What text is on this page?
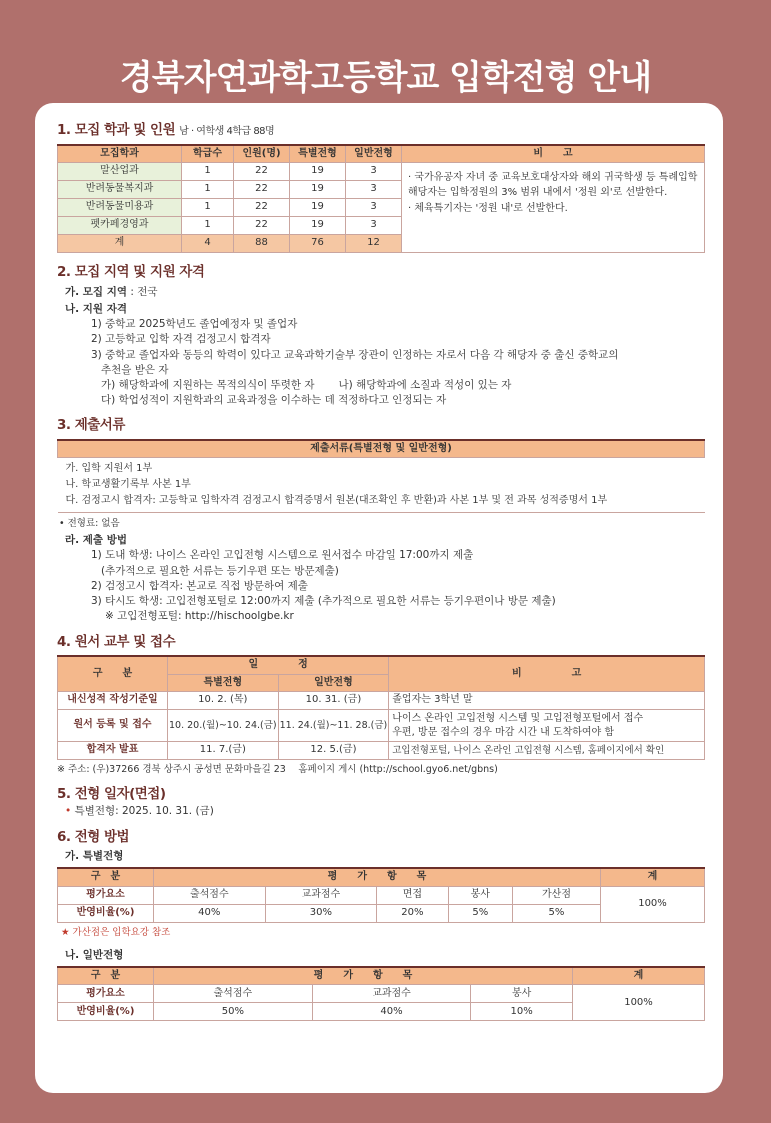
경북자연과학고등학교 입학전형 안내
1. 모집 학과 및 인원 남 · 여학생 4학급 88명
모집학과	학급수	인원(명)	특별전형	일반전형	비　　고
말산업과	1	22	19	3	· 국가유공자 자녀 중 교육보호대상자와 해외 귀국학생 등 특례입학 해당자는 입학정원의 3% 범위 내에서 '정원 외'로 선발한다.
· 체육특기자는 '정원 내'로 선발한다.

반려동물복지과	1	22	19	3	
반려동물미용과	1	22	19	3	
펫카페경영과	1	22	19	3	
계	4	88	76	12	
2. 모집 지역 및 지원 자격
가. 모집 지역 : 전국
나. 지원 자격
1) 중학교 2025학년도 졸업예정자 및 졸업자
2) 고등학교 입학 자격 검정고시 합격자
3) 중학교 졸업자와 동등의 학력이 있다고 교육과학기술부 장관이 인정하는 자로서 다음 각 해당자 중 출신 중학교의
추천을 받은 자
가) 해당학과에 지원하는 목적의식이 뚜렷한 자 나) 해당학과에 소질과 적성이 있는 자
다) 학업성적이 지원학과의 교육과정을 이수하는 데 적정하다고 인정되는 자
3. 제출서류
제출서류(특별전형 및 일반전형)

가. 입학 지원서 1부
나. 학교생활기록부 사본 1부
다. 검정고시 합격자: 고등학교 입학자격 검정고시 합격증명서 원본(대조확인 후 반환)과 사본 1부 및 전 과목 성적증명서 1부
• 전형료: 없음
라. 제출 방법
1) 도내 학생: 나이스 온라인 고입전형 시스템으로 원서접수 마감일 17:00까지 제출
(추가적으로 필요한 서류는 등기우편 또는 방문제출)
2) 검정고시 합격자: 본교로 직접 방문하여 제출
3) 타시도 학생: 고입전형포털로 12:00까지 제출 (추가적으로 필요한 서류는 등기우편이나 방문 제출)
※ 고입전형포털: http://hischoolgbe.kr
4. 원서 교부 및 접수
구　　분	일　　　　정		비　　　　　고
	특별전형	일반전형	
내신성적 작성기준일	10. 2. (목)	10. 31. (금)	졸업자는 3학년 말
원서 등록 및 접수	10. 20.(월)~10. 24.(금)	11. 24.(월)~11. 28.(금)	나이스 온라인 고입전형 시스템 및 고입전형포털에서 접수
우편, 방문 접수의 경우 마감 시간 내 도착하여야 함

합격자 발표	11. 7.(금)	12. 5.(금)	고입전형포털, 나이스 온라인 고입전형 시스템, 홈페이지에서 확인
※ 주소: (우)37266 경북 상주시 공성면 문화마을길 23　 홈페이지 게시 (http://school.gyo6.net/gbns)
5. 전형 일자(면접)
• 특별전형: 2025. 10. 31. (금)
6. 전형 방법
가. 특별전형
구　분	평　　가　　항　　목					계
평가요소	출석점수	교과점수	면접	봉사	가산점	100%
반영비율(%)	40%	30%	20%	5%	5%	
★ 가산점은 입학요강 참조
나. 일반전형
구　분	평　　가　　항　　목			계
평가요소	출석점수	교과점수	봉사	100%
반영비율(%)	50%	40%	10%	
